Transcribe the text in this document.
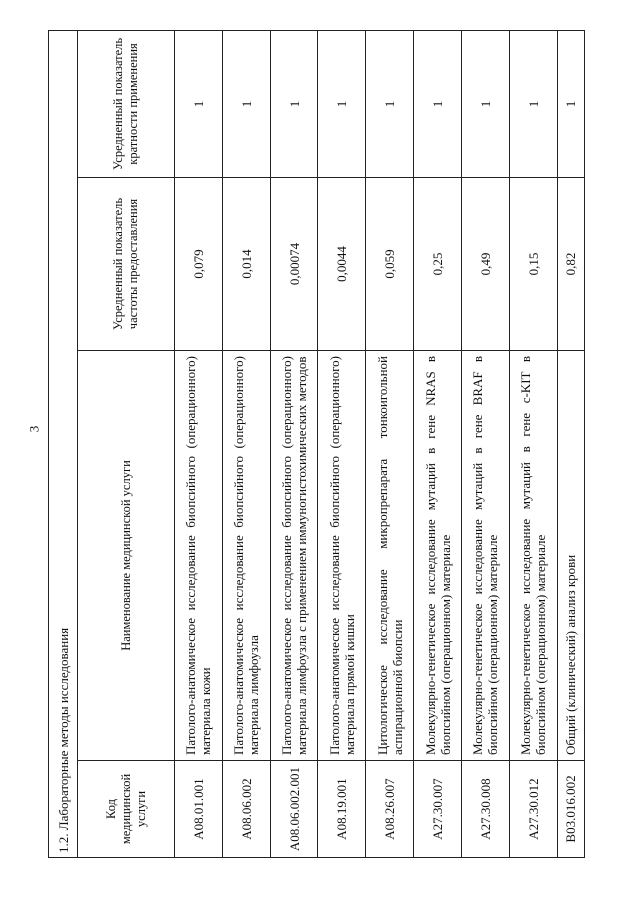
3
1.2. Лабораторные методы исследования			
Код медицинской услуги	Наименование медицинской услуги	Усредненный показатель частоты предоставления	Усредненный показатель кратности применения
A08.01.001	Патолого-анатомическое исследование биопсийного (операционного) материала кожи	0,079	1
A08.06.002	Патолого-анатомическое исследование биопсийного (операционного) материала лимфоузла	0,014	1
A08.06.002.001	Патолого-анатомическое исследование биопсийного (операционного) материала лимфоузла с применением иммуногистохимических методов	0,00074	1
A08.19.001	Патолого-анатомическое исследование биопсийного (операционного) материала прямой кишки	0,0044	1
A08.26.007	Цитологическое исследование микропрепарата тонкоигольной аспирационной биопсии	0,059	1
A27.30.007	Молекулярно-генетическое исследование мутаций в гене NRAS в биопсийном (операционном) материале	0,25	1
A27.30.008	Молекулярно-генетическое исследование мутаций в гене BRAF в биопсийном (операционном) материале	0,49	1
A27.30.012	Молекулярно-генетическое исследование мутаций в гене c-KIT в биопсийном (операционном) материале	0,15	1
B03.016.002	Общий (клинический) анализ крови	0,82	1
